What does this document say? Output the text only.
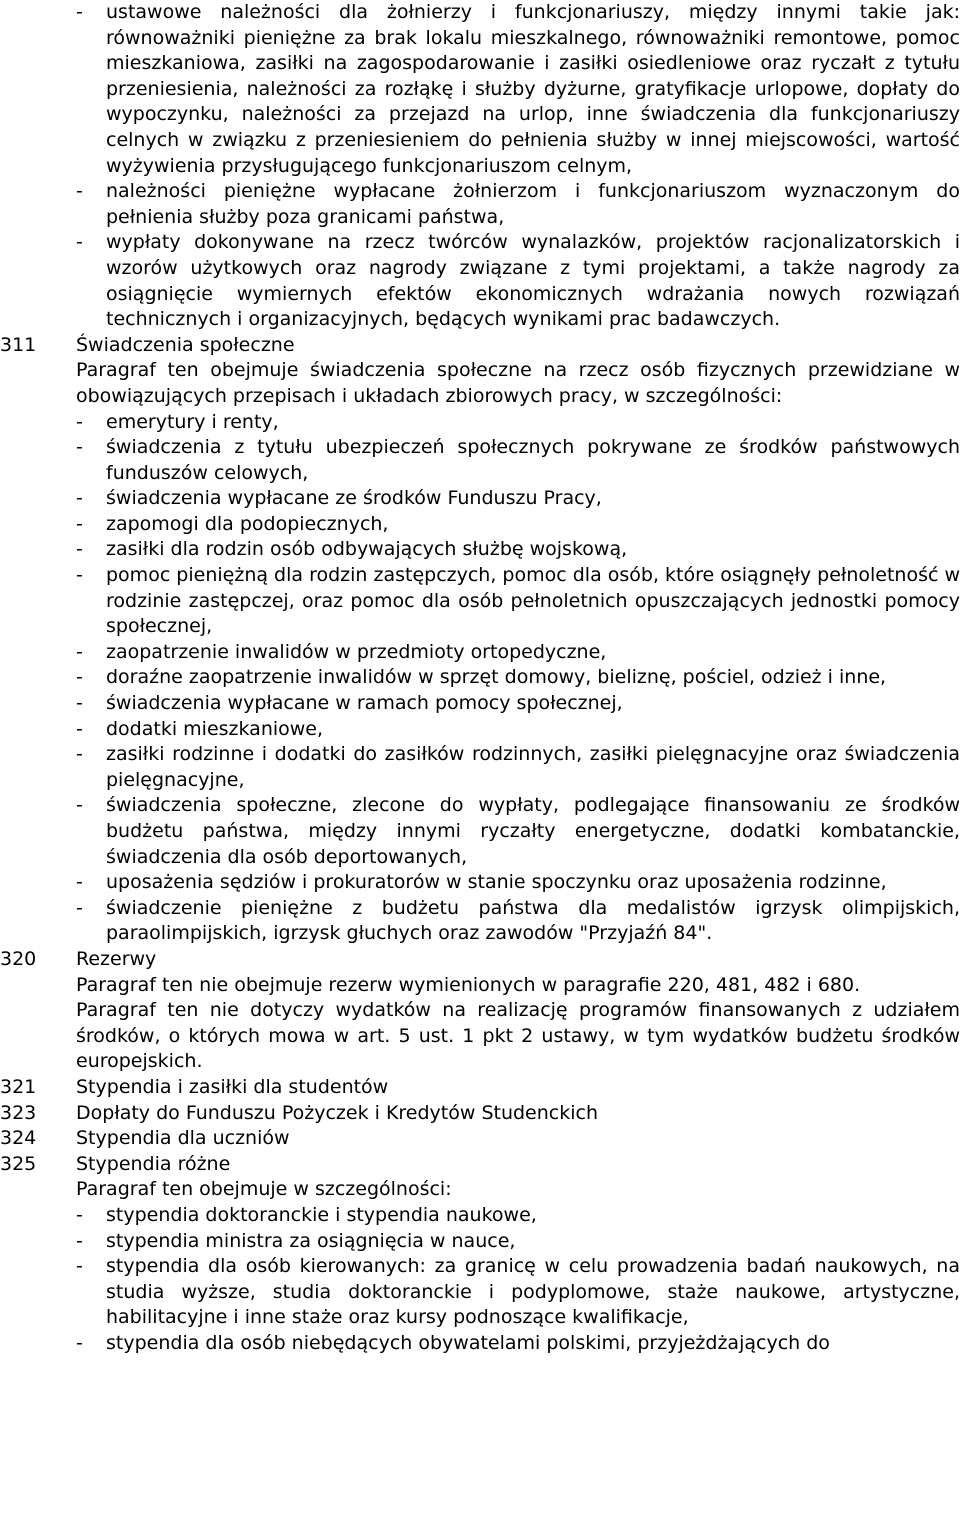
- ustawowe należności dla żołnierzy i funkcjonariuszy, między innymi takie jak: równoważniki pieniężne za brak lokalu mieszkalnego, równoważniki remontowe, pomoc mieszkaniowa, zasiłki na zagospodarowanie i zasiłki osiedleniowe oraz ryczałt z tytułu przeniesienia, należności za rozłąkę i służby dyżurne, gratyfikacje urlopowe, dopłaty do wypoczynku, należności za przejazd na urlop, inne świadczenia dla funkcjonariuszy celnych w związku z przeniesieniem do pełnienia służby w innej miejscowości, wartość wyżywienia przysługującego funkcjonariuszom celnym,
- należności pieniężne wypłacane żołnierzom i funkcjonariuszom wyznaczonym do pełnienia służby poza granicami państwa,
- wypłaty dokonywane na rzecz twórców wynalazków, projektów racjonalizatorskich i wzorów użytkowych oraz nagrody związane z tymi projektami, a także nagrody za osiągnięcie wymiernych efektów ekonomicznych wdrażania nowych rozwiązań technicznych i organizacyjnych, będących wynikami prac badawczych.
311	Świadczenia społeczne

Paragraf ten obejmuje świadczenia społeczne na rzecz osób fizycznych przewidziane w obowiązujących przepisach i układach zbiorowych pracy, w szczególności:

- emerytury i renty,
- świadczenia z tytułu ubezpieczeń społecznych pokrywane ze środków państwowych funduszów celowych,
- świadczenia wypłacane ze środków Funduszu Pracy,
- zapomogi dla podopiecznych,
- zasiłki dla rodzin osób odbywających służbę wojskową,
- pomoc pieniężną dla rodzin zastępczych, pomoc dla osób, które osiągnęły pełnoletność w rodzinie zastępczej, oraz pomoc dla osób pełnoletnich opuszczających jednostki pomocy społecznej,
- zaopatrzenie inwalidów w przedmioty ortopedyczne,
- doraźne zaopatrzenie inwalidów w sprzęt domowy, bieliznę, pościel, odzież i inne,
- świadczenia wypłacane w ramach pomocy społecznej,
- dodatki mieszkaniowe,
- zasiłki rodzinne i dodatki do zasiłków rodzinnych, zasiłki pielęgnacyjne oraz świadczenia pielęgnacyjne,
- świadczenia społeczne, zlecone do wypłaty, podlegające finansowaniu ze środków budżetu państwa, między innymi ryczałty energetyczne, dodatki kombatanckie, świadczenia dla osób deportowanych,
- uposażenia sędziów i prokuratorów w stanie spoczynku oraz uposażenia rodzinne,
- świadczenie pieniężne z budżetu państwa dla medalistów igrzysk olimpijskich, paraolimpijskich, igrzysk głuchych oraz zawodów "Przyjaźń 84".
320	Rezerwy

Paragraf ten nie obejmuje rezerw wymienionych w paragrafie 220, 481, 482 i 680.

Paragraf ten nie dotyczy wydatków na realizację programów finansowanych z udziałem środków, o których mowa w art. 5 ust. 1 pkt 2 ustawy, w tym wydatków budżetu środków europejskich.

321	Stypendia i zasiłki dla studentów
323	Dopłaty do Funduszu Pożyczek i Kredytów Studenckich
324	Stypendia dla uczniów
325	Stypendia różne

Paragraf ten obejmuje w szczególności:

- stypendia doktoranckie i stypendia naukowe,
- stypendia ministra za osiągnięcia w nauce,
- stypendia dla osób kierowanych: za granicę w celu prowadzenia badań naukowych, na studia wyższe, studia doktoranckie i podyplomowe, staże naukowe, artystyczne, habilitacyjne i inne staże oraz kursy podnoszące kwalifikacje,
- stypendia dla osób niebędących obywatelami polskimi, przyjeżdżających do
